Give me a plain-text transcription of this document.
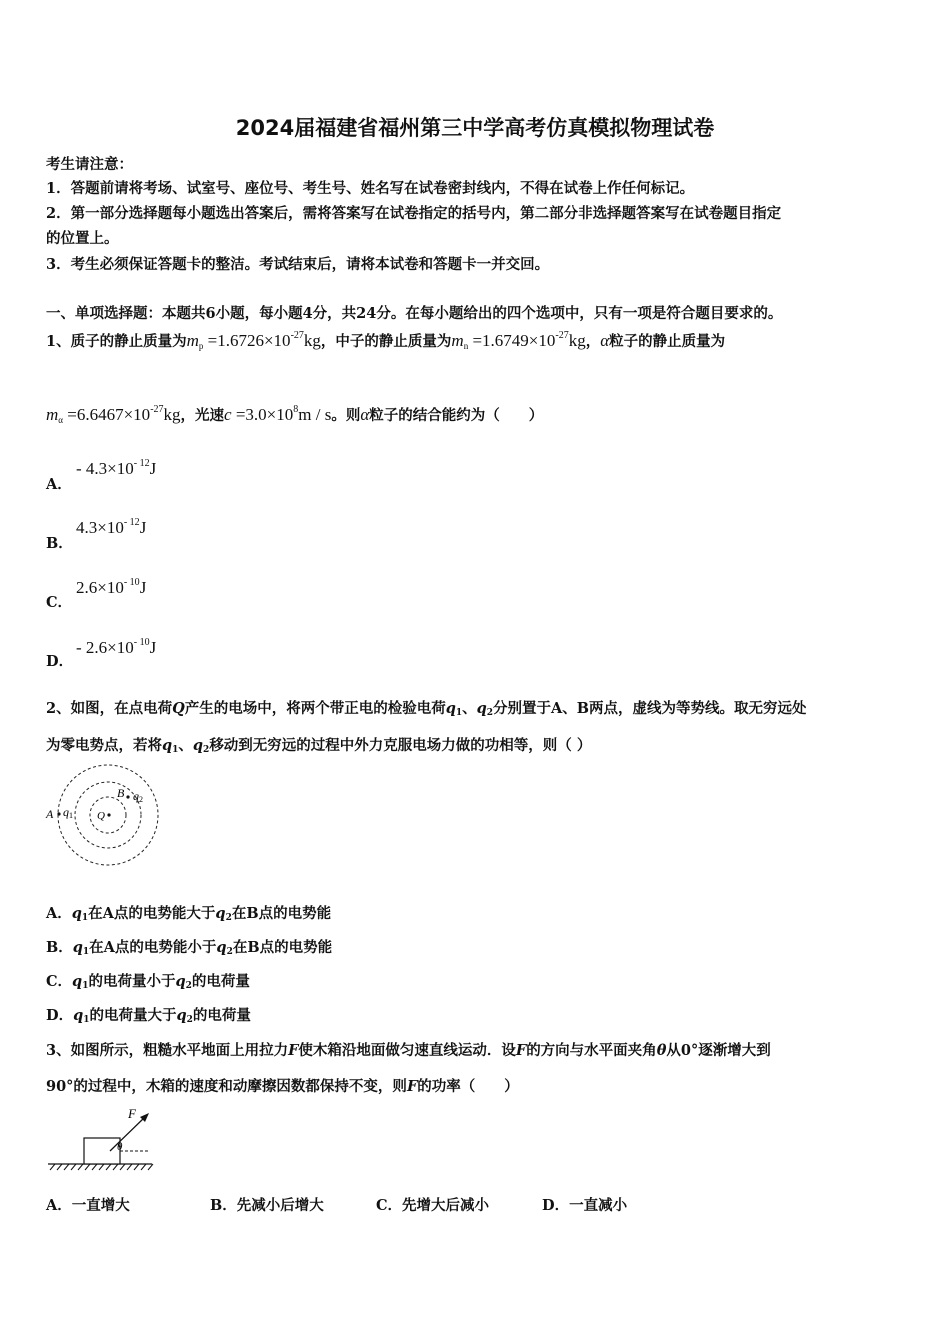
2024届福建省福州第三中学高考仿真模拟物理试卷
考生请注意：
1．答题前请将考场、试室号、座位号、考生号、姓名写在试卷密封线内，不得在试卷上作任何标记。
2．第一部分选择题每小题选出答案后，需将答案写在试卷指定的括号内，第二部分非选择题答案写在试卷题目指定
的位置上。
3．考生必须保证答题卡的整洁。考试结束后，请将本试卷和答题卡一并交回。
一、单项选择题：本题共6小题，每小题4分，共24分。在每小题给出的四个选项中，只有一项是符合题目要求的。
1、质子的静止质量为$m_p =1.6726\times 10^{-27}kg$，中子的静止质量为$m_n =1.6749\times 10^{-27}kg$，α粒子的静止质量为
$m_\alpha =6.6467\times 10^{-27}kg$，光速$c =3.0\times 10^8m / s$。则α粒子的结合能约为（　　）
A．
- $4.3\times 10^{- 12}J$
B．
$4.3\times 10^{- 12}J$
C．
$2.6\times 10^{- 10}J$
D．
- $2.6\times 10^{- 10}J$
2、如图，在点电荷Q产生的电场中，将两个带正电的检验电荷$q_1$、$q_2$分别置于A、B两点，虚线为等势线。取无穷远处
为零电势点，若将$q_1$、$q_2$移动到无穷远的过程中外力克服电场力做的功相等，则（ ）
A q1
B q2
Q
A．$q_1$在A点的电势能大于$q_2$在B点的电势能
B．$q_1$在A点的电势能小于$q_2$在B点的电势能
C．$q_1$的电荷量小于$q_2$的电荷量
D．$q_1$的电荷量大于$q_2$的电荷量
3、如图所示，粗糙水平地面上用拉力F使木箱沿地面做匀速直线运动．设F的方向与水平面夹角θ从0°逐渐增大到
90°的过程中，木箱的速度和动摩擦因数都保持不变，则F的功率（　　）
F
θ
A．一直增大	B．先减小后增大	C．先增大后减小	D．一直减小
